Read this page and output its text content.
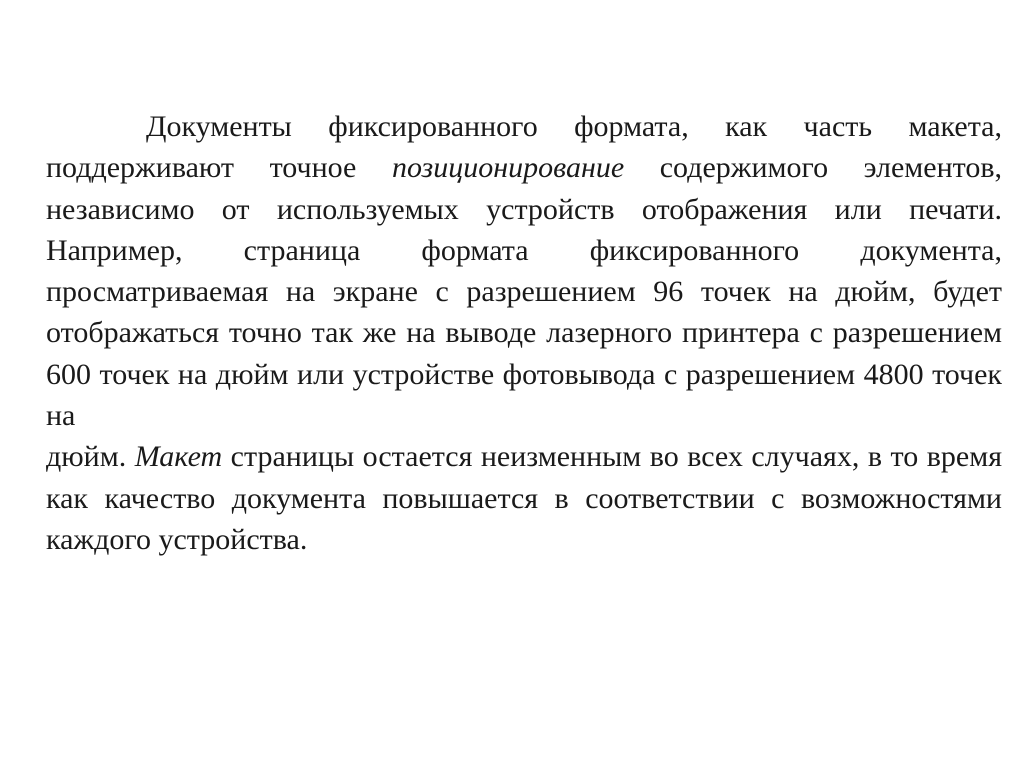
Документы фиксированного формата, как часть макета, поддерживают точное позиционирование содержимого элементов, независимо от используемых устройств отображения или печати. Например, страница формата фиксированного документа, просматриваемая на экране с разрешением 96 точек на дюйм, будет отображаться точно так же на выводе лазерного принтера с разрешением 600 точек на дюйм или устройстве фотовывода с разрешением 4800 точек на
дюйм. Макет страницы остается неизменным во всех случаях, в то время как качество документа повышается в соответствии с возможностями каждого устройства.
